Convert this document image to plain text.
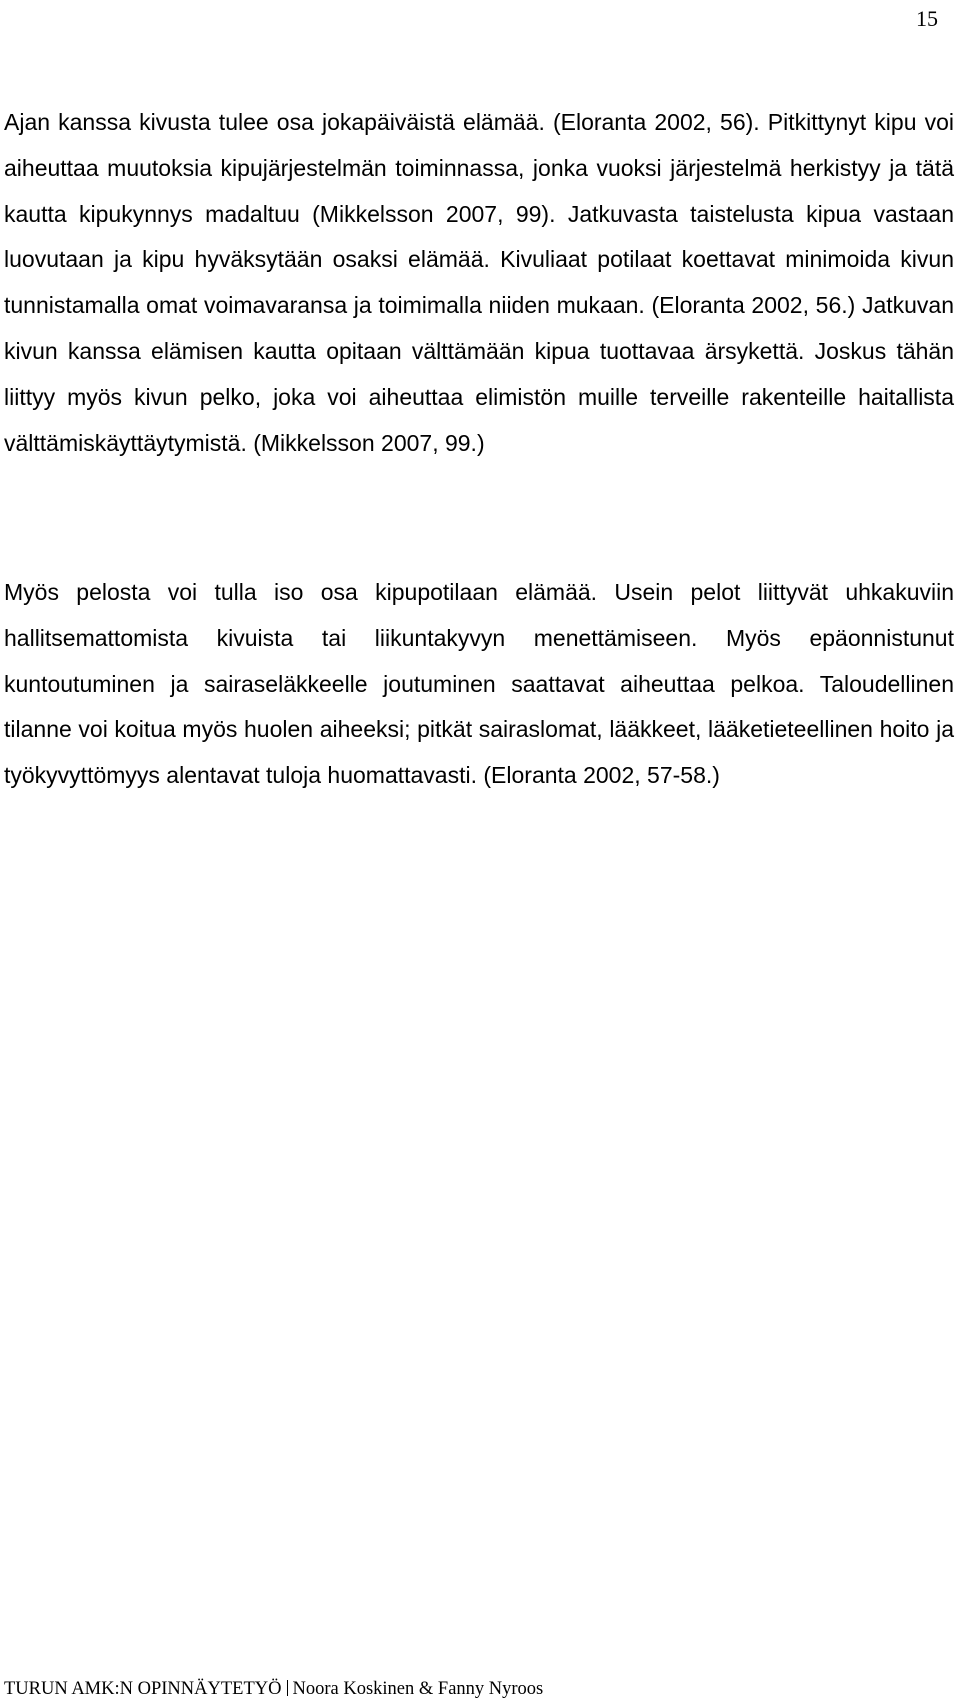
15

Ajan kanssa kivusta tulee osa jokapäiväistä elämää. (Eloranta 2002, 56). Pitkittynyt kipu voi aiheuttaa muutoksia kipujärjestelmän toiminnassa, jonka vuoksi järjestelmä herkistyy ja tätä kautta kipukynnys madaltuu (Mikkelsson 2007, 99). Jatkuvasta taistelusta kipua vastaan luovutaan ja kipu hyväksytään osaksi elämää. Kivuliaat potilaat koettavat minimoida kivun tunnistamalla omat voimavaransa ja toimimalla niiden mukaan. (Eloranta 2002, 56.) Jatkuvan kivun kanssa elämisen kautta opitaan välttämään kipua tuottavaa ärsykettä. Joskus tähän liittyy myös kivun pelko, joka voi aiheuttaa elimistön muille terveille rakenteille haitallista välttämiskäyttäytymistä. (Mikkelsson 2007, 99.)

Myös pelosta voi tulla iso osa kipupotilaan elämää. Usein pelot liittyvät uhkakuviin hallitsemattomista kivuista tai liikuntakyvyn menettämiseen. Myös epäonnistunut kuntoutuminen ja sairaseläkkeelle joutuminen saattavat aiheuttaa pelkoa. Taloudellinen tilanne voi koitua myös huolen aiheeksi; pitkät sairaslomat, lääkkeet, lääketieteellinen hoito ja työkyvyttömyys alentavat tuloja huomattavasti. (Eloranta 2002, 57-58.)

TURUN AMK:N OPINNÄYTETYÖ Noora Koskinen & Fanny Nyroos
